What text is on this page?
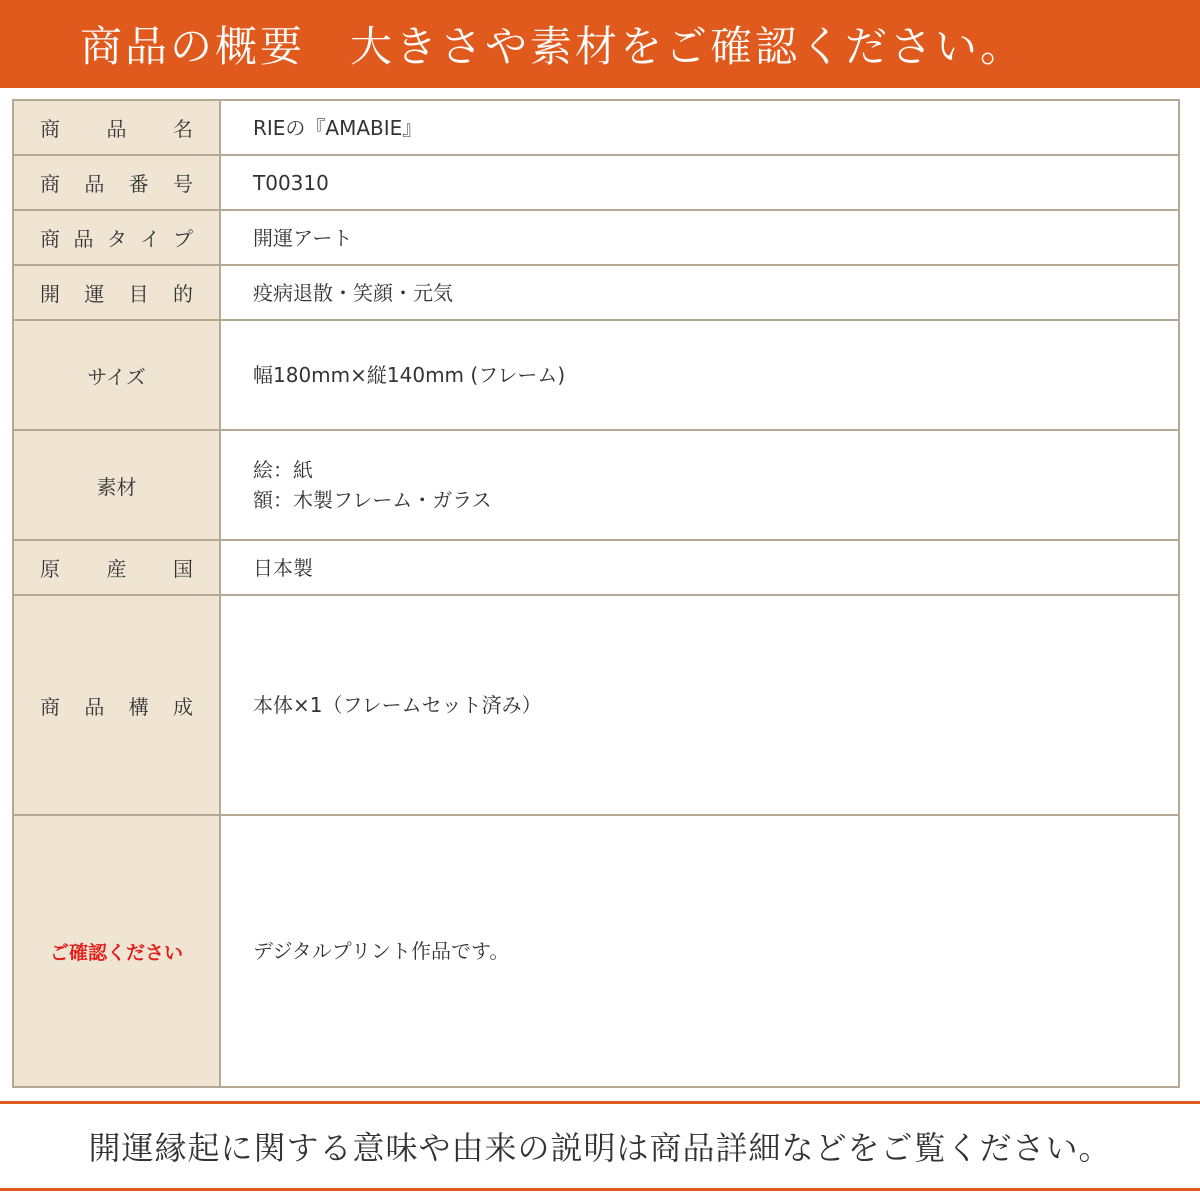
商品の概要　大きさや素材をご確認ください。
商品名	RIEの『AMABIE』
商品番号	T00310
商品タイプ	開運アート
開運目的	疫病退散・笑顔・元気
サイズ	幅180mm×縦140mm (フレーム)
素材	絵：紙
額：木製フレーム・ガラス

原産国	日本製
商品構成	本体×1（フレームセット済み）
ご確認ください	デジタルプリント作品です。
開運縁起に関する意味や由来の説明は商品詳細などをご覧ください。
